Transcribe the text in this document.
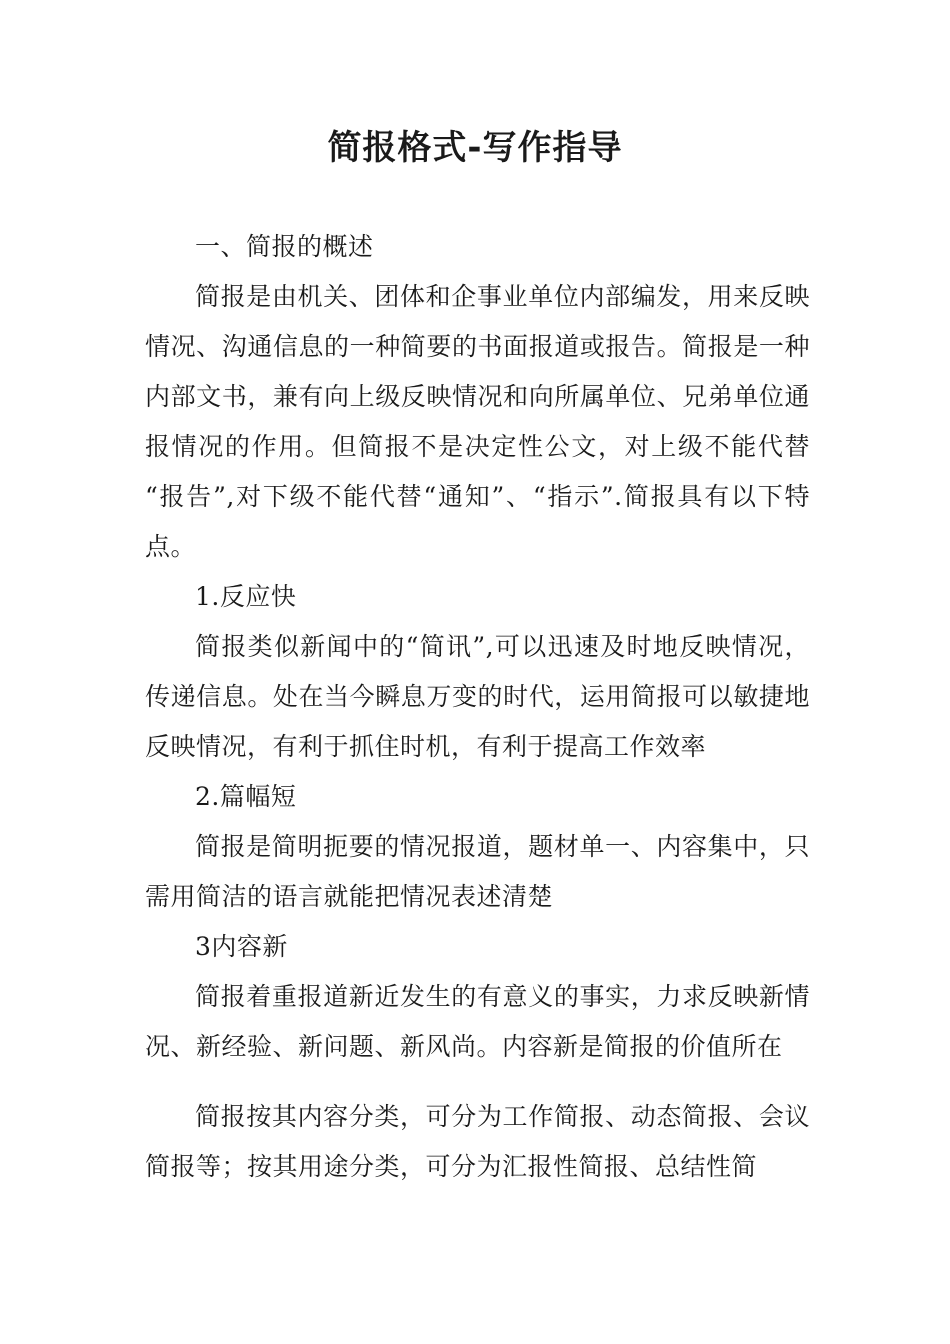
简报格式-写作指导

一、简报的概述

简报是由机关、团体和企事业单位内部编发，用来反映情况、沟通信息的一种简要的书面报道或报告。简报是一种内部文书，兼有向上级反映情况和向所属单位、兄弟单位通报情况的作用。但简报不是决定性公文，对上级不能代替 “报告”,对下级不能代替“通知”、“指示”.简报具有以下特点。

1.反应快

简报类似新闻中的“简讯”,可以迅速及时地反映情况，传递信息。处在当今瞬息万变的时代，运用简报可以敏捷地反映情况，有利于抓住时机，有利于提高工作效率

2.篇幅短

简报是简明扼要的情况报道，题材单一、内容集中，只需用简洁的语言就能把情况表述清楚

3内容新

简报着重报道新近发生的有意义的事实，力求反映新情况、新经验、新问题、新风尚。内容新是简报的价值所在

简报按其内容分类，可分为工作简报、动态简报、会议简报等；按其用途分类，可分为汇报性简报、总结性简
